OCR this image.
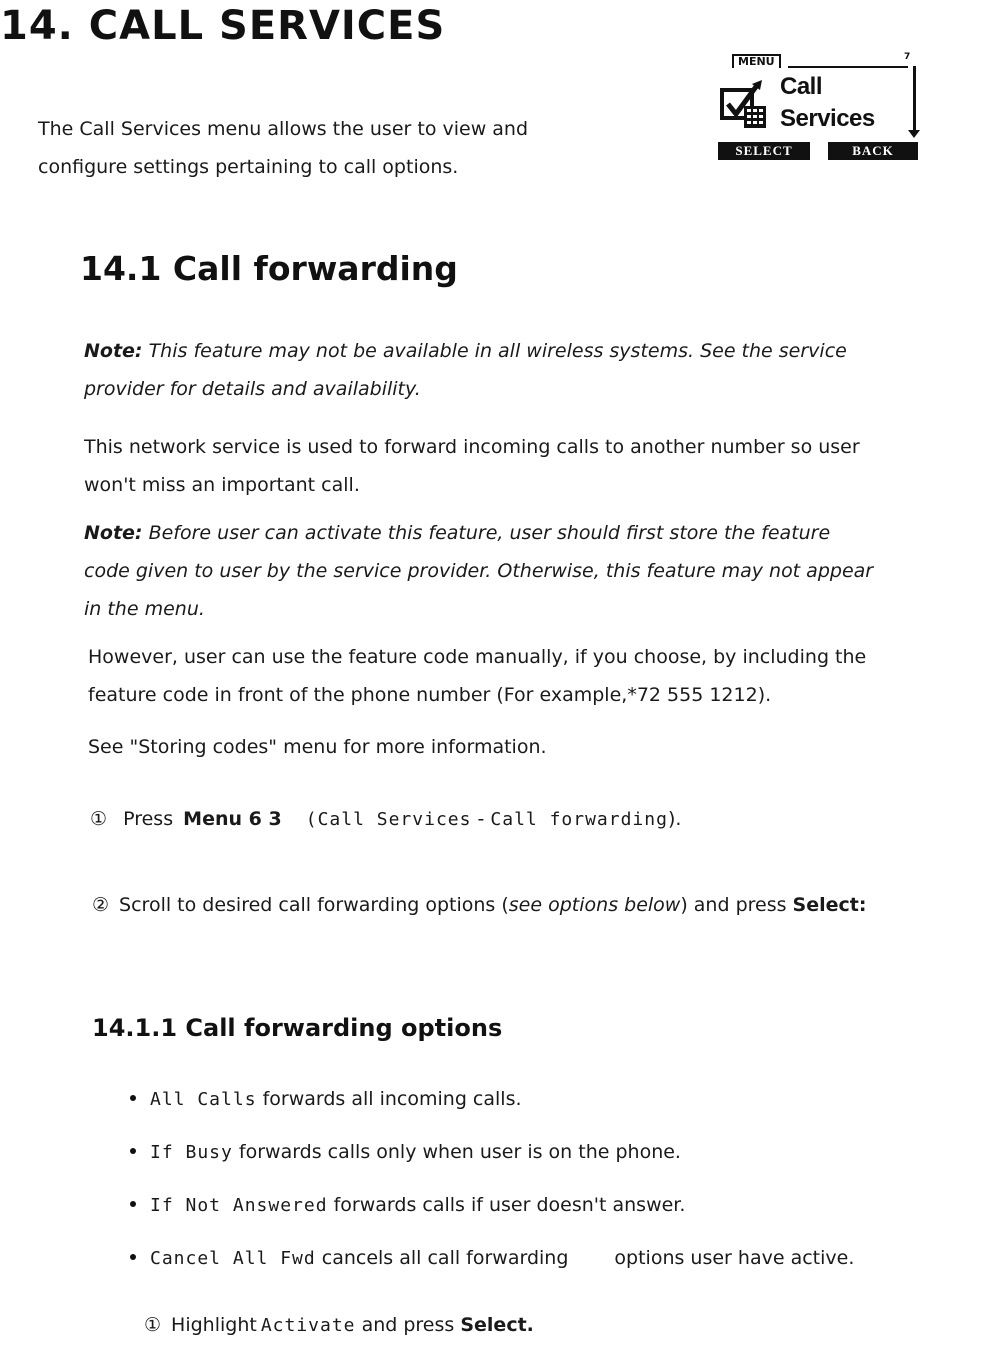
14. CALL SERVICES
The Call Services menu allows the user to view and
configure settings pertaining to call options.
MENU	7
Call
Services
SELECT	BACK
14.1 Call forwarding
Note: This feature may not be available in all wireless systems. See the service
provider for details and availability.
This network service is used to forward incoming calls to another number so user
won't miss an important call.
Note: Before user can activate this feature, user should first store the feature
code given to user by the service provider. Otherwise, this feature may not appear
in the menu.
However, user can use the feature code manually, if you choose, by including the
feature code in front of the phone number (For example,*72 555 1212).
See "Storing codes" menu for more information.
① Press Menu 6 3 (Call Services - Call forwarding).
② Scroll to desired call forwarding options (see options below) and press Select:
14.1.1 Call forwarding options
All Calls forwards all incoming calls.
If Busy forwards calls only when user is on the phone.
If Not Answered forwards calls if user doesn't answer.
Cancel All Fwd cancels all call forwarding options user have active.
① Highlight Activate and press Select.
